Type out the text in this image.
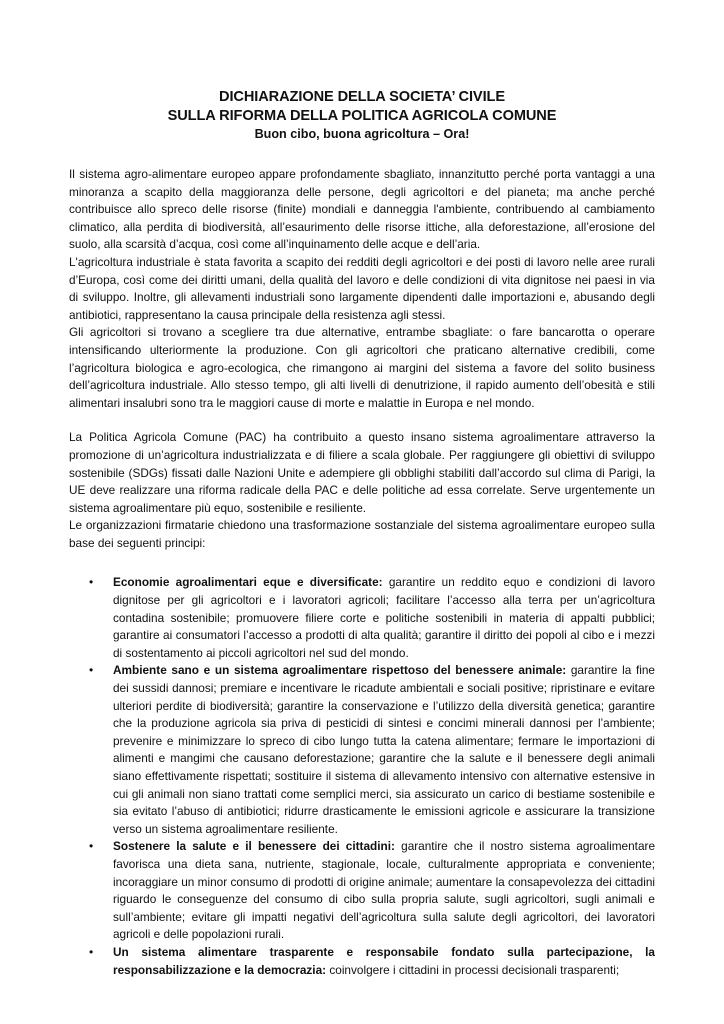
DICHIARAZIONE DELLA SOCIETA’ CIVILE
SULLA RIFORMA DELLA POLITICA AGRICOLA COMUNE
Buon cibo, buona agricoltura – Ora!

Il sistema agro-alimentare europeo appare profondamente sbagliato, innanzitutto perché porta vantaggi a una minoranza a scapito della maggioranza delle persone, degli agricoltori e del pianeta; ma anche perché contribuisce allo spreco delle risorse (finite) mondiali e danneggia l'ambiente, contribuendo al cambiamento climatico, alla perdita di biodiversità, all’esaurimento delle risorse ittiche, alla deforestazione, all’erosione del suolo, alla scarsità d’acqua, così come all’inquinamento delle acque e dell’aria.

L'agricoltura industriale è stata favorita a scapito dei redditi degli agricoltori e dei posti di lavoro nelle aree rurali d’Europa, così come dei diritti umani, della qualità del lavoro e delle condizioni di vita dignitose nei paesi in via di sviluppo. Inoltre, gli allevamenti industriali sono largamente dipendenti dalle importazioni e, abusando degli antibiotici, rappresentano la causa principale della resistenza agli stessi.

Gli agricoltori si trovano a scegliere tra due alternative, entrambe sbagliate: o fare bancarotta o operare intensificando ulteriormente la produzione. Con gli agricoltori che praticano alternative credibili, come l’agricoltura biologica e agro-ecologica, che rimangono ai margini del sistema a favore del solito business dell’agricoltura industriale. Allo stesso tempo, gli alti livelli di denutrizione, il rapido aumento dell’obesità e stili alimentari insalubri sono tra le maggiori cause di morte e malattie in Europa e nel mondo.

La Politica Agricola Comune (PAC) ha contribuito a questo insano sistema agroalimentare attraverso la promozione di un’agricoltura industrializzata e di filiere a scala globale. Per raggiungere gli obiettivi di sviluppo sostenibile (SDGs) fissati dalle Nazioni Unite e adempiere gli obblighi stabiliti dall’accordo sul clima di Parigi, la UE deve realizzare una riforma radicale della PAC e delle politiche ad essa correlate. Serve urgentemente un sistema agroalimentare più equo, sostenibile e resiliente.

Le organizzazioni firmatarie chiedono una trasformazione sostanziale del sistema agroalimentare europeo sulla base dei seguenti principi:

• Economie agroalimentari eque e diversificate: garantire un reddito equo e condizioni di lavoro dignitose per gli agricoltori e i lavoratori agricoli; facilitare l’accesso alla terra per un’agricoltura contadina sostenibile; promuovere filiere corte e politiche sostenibili in materia di appalti pubblici; garantire ai consumatori l’accesso a prodotti di alta qualità; garantire il diritto dei popoli al cibo e i mezzi di sostentamento ai piccoli agricoltori nel sud del mondo.
• Ambiente sano e un sistema agroalimentare rispettoso del benessere animale: garantire la fine dei sussidi dannosi; premiare e incentivare le ricadute ambientali e sociali positive; ripristinare e evitare ulteriori perdite di biodiversità; garantire la conservazione e l’utilizzo della diversità genetica; garantire che la produzione agricola sia priva di pesticidi di sintesi e concimi minerali dannosi per l’ambiente; prevenire e minimizzare lo spreco di cibo lungo tutta la catena alimentare; fermare le importazioni di alimenti e mangimi che causano deforestazione; garantire che la salute e il benessere degli animali siano effettivamente rispettati; sostituire il sistema di allevamento intensivo con alternative estensive in cui gli animali non siano trattati come semplici merci, sia assicurato un carico di bestiame sostenibile e sia evitato l’abuso di antibiotici; ridurre drasticamente le emissioni agricole e assicurare la transizione verso un sistema agroalimentare resiliente.
• Sostenere la salute e il benessere dei cittadini: garantire che il nostro sistema agroalimentare favorisca una dieta sana, nutriente, stagionale, locale, culturalmente appropriata e conveniente; incoraggiare un minor consumo di prodotti di origine animale; aumentare la consapevolezza dei cittadini riguardo le conseguenze del consumo di cibo sulla propria salute, sugli agricoltori, sugli animali e sull’ambiente; evitare gli impatti negativi dell’agricoltura sulla salute degli agricoltori, dei lavoratori agricoli e delle popolazioni rurali.
• Un sistema alimentare trasparente e responsabile fondato sulla partecipazione, la responsabilizzazione e la democrazia: coinvolgere i cittadini in processi decisionali trasparenti;
